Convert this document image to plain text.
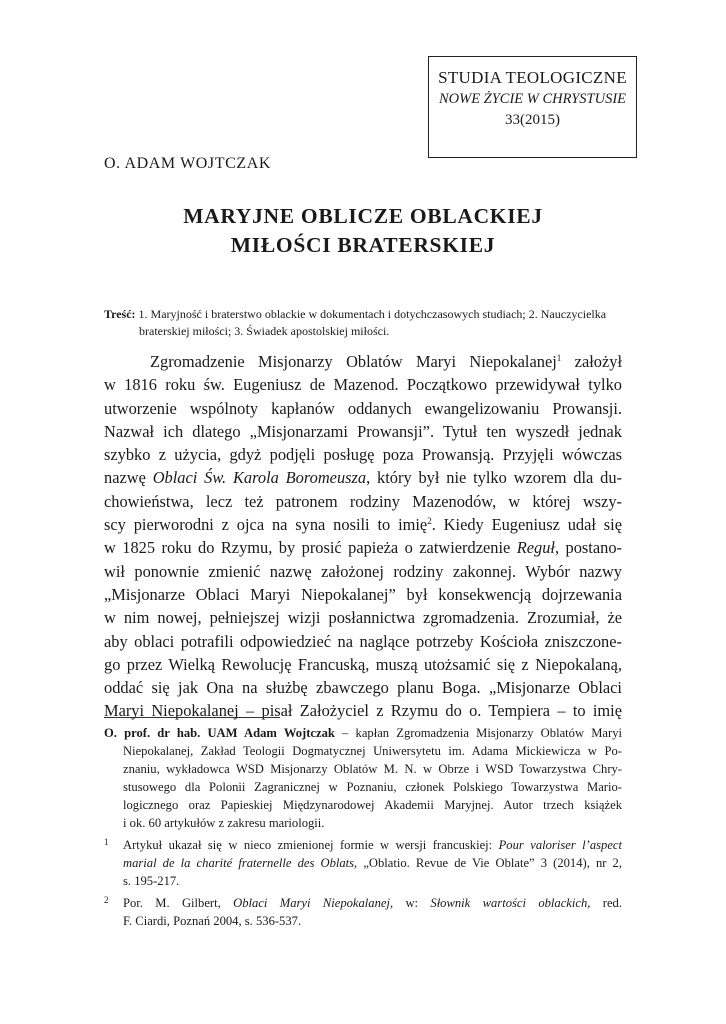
STUDIA TEOLOGICZNE
NOWE ŻYCIE W CHRYSTUSIE
33(2015)
O. ADAM WOJTCZAK
MARYJNE OBLICZE OBLACKIEJ
MIŁOŚCI BRATERSKIEJ
Treść: 1. Maryjność i braterstwo oblackie w dokumentach i dotychczasowych studiach; 2. Nauczycielka
braterskiej miłości; 3. Świadek apostolskiej miłości.
Zgromadzenie Misjonarzy Oblatów Maryi Niepokalanej$^1$ założył
w 1816 roku św. Eugeniusz de Mazenod. Początkowo przewidywał tylko
utworzenie wspólnoty kapłanów oddanych ewangelizowaniu Prowansji.
Nazwał ich dlatego „Misjonarzami Prowansji”. Tytuł ten wyszedł jednak
szybko z użycia, gdyż podjęli posługę poza Prowansją. Przyjęli wówczas
nazwę Oblaci Św. Karola Boromeusza, który był nie tylko wzorem dla du-
chowieństwa, lecz też patronem rodziny Mazenodów, w której wszy-
scy pierworodni z ojca na syna nosili to imię$^2$. Kiedy Eugeniusz udał się
w 1825 roku do Rzymu, by prosić papieża o zatwierdzenie Reguł, postano-
wił ponownie zmienić nazwę założonej rodziny zakonnej. Wybór nazwy
„Misjonarze Oblaci Maryi Niepokalanej” był konsekwencją dojrzewania
w nim nowej, pełniejszej wizji posłannictwa zgromadzenia. Zrozumiał, że
aby oblaci potrafili odpowiedzieć na naglące potrzeby Kościoła zniszczone-
go przez Wielką Rewolucję Francuską, muszą utożsamić się z Niepokalaną,
oddać się jak Ona na służbę zbawczego planu Boga. „Misjonarze Oblaci
Maryi Niepokalanej – pisał Założyciel z Rzymu do o. Tempiera – to imię
O. prof. dr hab. UAM Adam Wojtczak – kapłan Zgromadzenia Misjonarzy Oblatów Maryi
Niepokalanej, Zakład Teologii Dogmatycznej Uniwersytetu im. Adama Mickiewicza w Po-
znaniu, wykładowca WSD Misjonarzy Oblatów M. N. w Obrze i WSD Towarzystwa Chry-
stusowego dla Polonii Zagranicznej w Poznaniu, członek Polskiego Towarzystwa Mario-
logicznego oraz Papieskiej Międzynarodowej Akademii Maryjnej. Autor trzech książek
i ok. 60 artykułów z zakresu mariologii.
1	Artykuł ukazał się w nieco zmienionej formie w wersji francuskiej: Pour valoriser l’aspect
marial de la charité fraternelle des Oblats, „Oblatio. Revue de Vie Oblate” 3 (2014), nr 2,
s. 195-217.
2	Por. M. Gilbert, Oblaci Maryi Niepokalanej, w: Słownik wartości oblackich, red.
F. Ciardi, Poznań 2004, s. 536-537.
